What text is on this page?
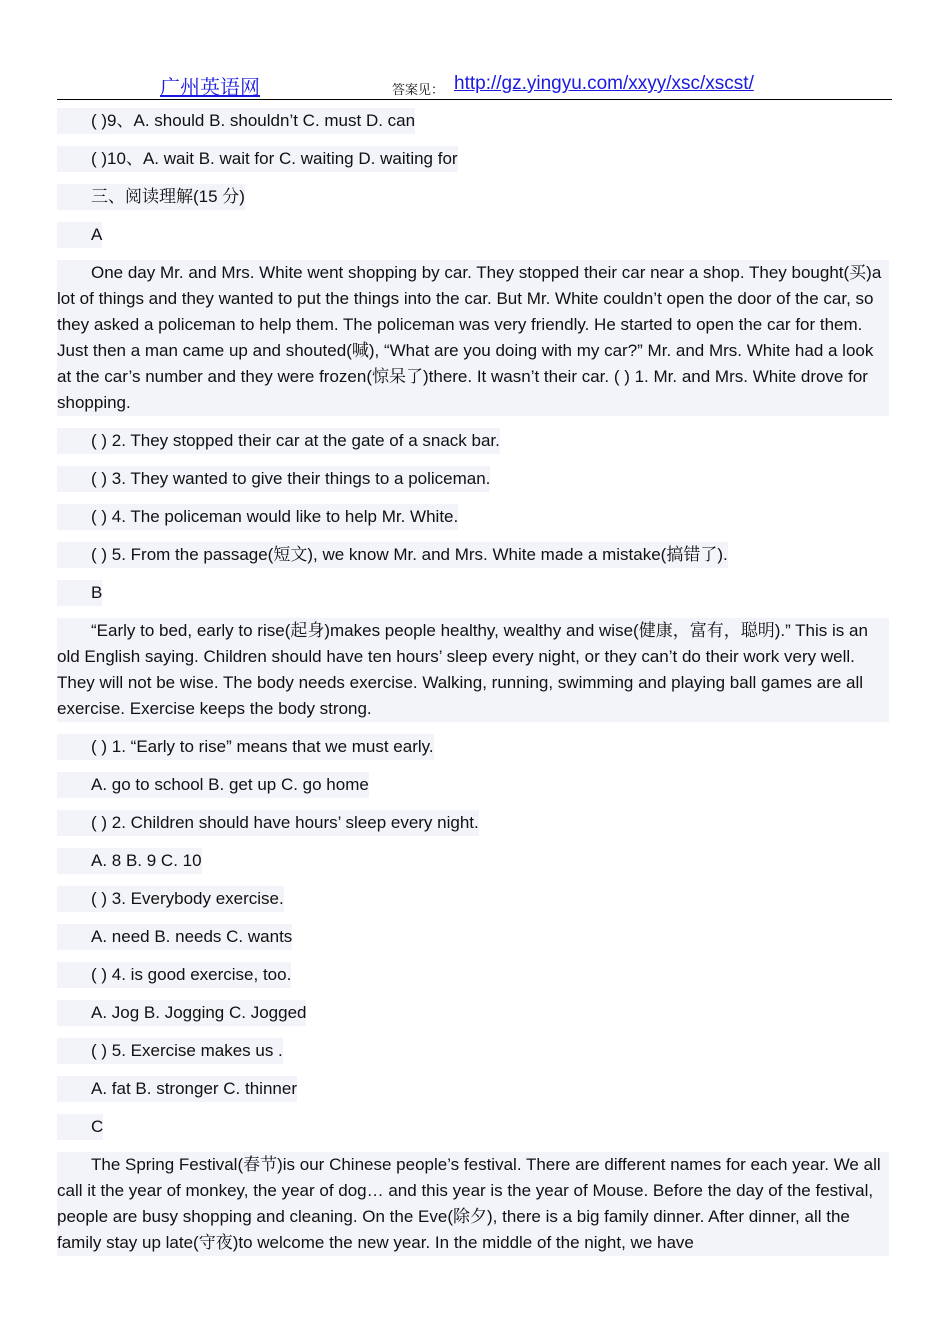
广州英语网	答案见： http://gz.yingyu.com/xxyy/xsc/xscst/
( )9、A. should B. shouldn’t C. must D. can
( )10、A. wait B. wait for C. waiting D. waiting for
三、阅读理解(15 分)
A
One day Mr. and Mrs. White went shopping by car. They stopped their car near a shop. They bought(买)a lot of things and they wanted to put the things into the car. But Mr. White couldn’t open the door of the car, so they asked a policeman to help them. The policeman was very friendly. He started to open the car for them. Just then a man came up and shouted(喊), “What are you doing with my car?” Mr. and Mrs. White had a look at the car’s number and they were frozen(惊呆了)there. It wasn’t their car. ( ) 1. Mr. and Mrs. White drove for shopping.
( ) 2. They stopped their car at the gate of a snack bar.
( ) 3. They wanted to give their things to a policeman.
( ) 4. The policeman would like to help Mr. White.
( ) 5. From the passage(短文), we know Mr. and Mrs. White made a mistake(搞错了).
B
“Early to bed, early to rise(起身)makes people healthy, wealthy and wise(健康，富有，聪明).” This is an old English saying. Children should have ten hours’ sleep every night, or they can’t do their work very well. They will not be wise. The body needs exercise. Walking, running, swimming and playing ball games are all exercise. Exercise keeps the body strong.
( ) 1. “Early to rise” means that we must early.
A. go to school B. get up C. go home
( ) 2. Children should have hours’ sleep every night.
A. 8 B. 9 C. 10
( ) 3. Everybody exercise.
A. need B. needs C. wants
( ) 4. is good exercise, too.
A. Jog B. Jogging C. Jogged
( ) 5. Exercise makes us .
A. fat B. stronger C. thinner
C
The Spring Festival(春节)is our Chinese people’s festival. There are different names for each year. We all call it the year of monkey, the year of dog… and this year is the year of Mouse. Before the day of the festival, people are busy shopping and cleaning. On the Eve(除夕), there is a big family dinner. After dinner, all the family stay up late(守夜)to welcome the new year. In the middle of the night, we have
